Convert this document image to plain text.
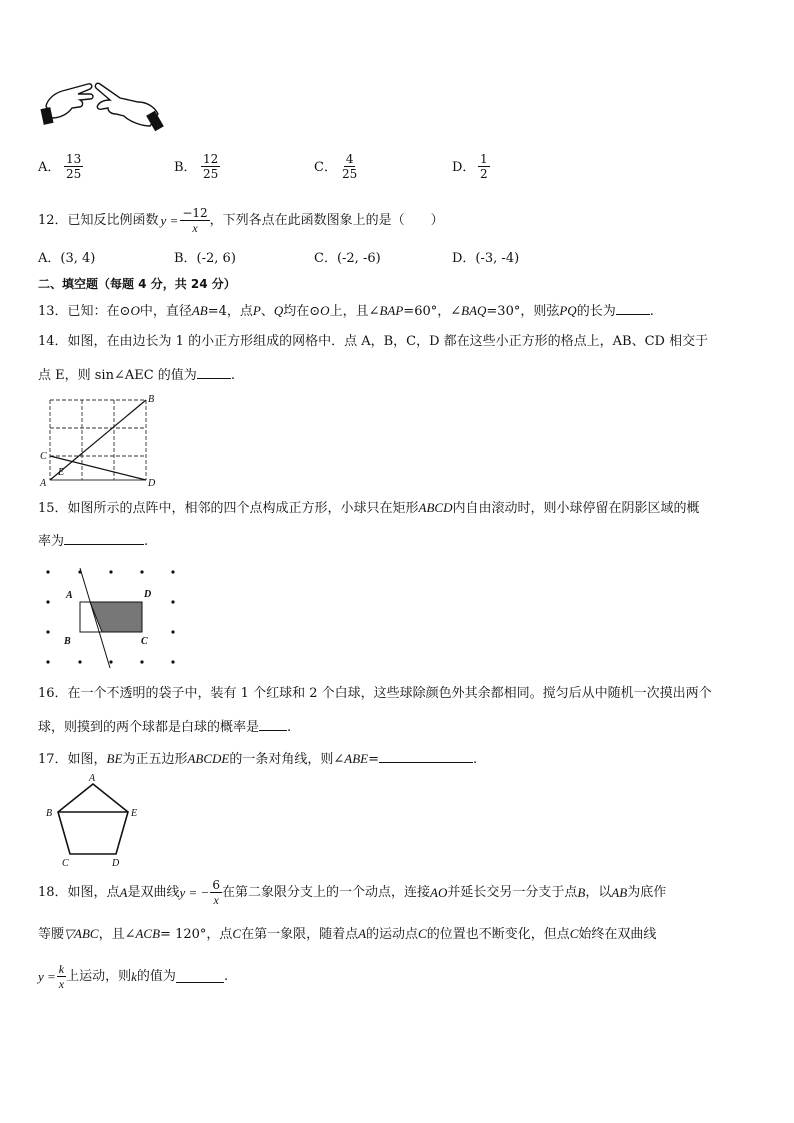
A． $\frac{13}{25}$	B． $\frac{12}{25}$	C． $\frac{4}{25}$	D． $\frac{1}{2}$
12．已知反比例函数 $y = \frac{-12}{x}$ ，下列各点在此函数图象上的是（　　）
A．(3, 4)	B．(-2, 6)	C．(-2, -6)	D．(-3, -4)
二、填空题（每题 4 分，共 24 分）
13．已知：在⊙O中，直径AB=4，点P、Q均在⊙O上，且∠BAP=60°，∠BAQ=30°，则弦PQ的长为	.
14．如图，在由边长为 1 的小正方形组成的网格中．点 A，B，C，D 都在这些小正方形的格点上，AB、CD 相交于
点 E，则 sin∠AEC 的值为	.
A
B
C
D
E
15．如图所示的点阵中，相邻的四个点构成正方形，小球只在矩形ABCD内自由滚动时，则小球停留在阴影区域的概
率为	.
A	D
B	C
16．在一个不透明的袋子中，装有 1 个红球和 2 个白球，这些球除颜色外其余都相同。搅匀后从中随机一次摸出两个
球，则摸到的两个球都是白球的概率是 .
17．如图，BE为正五边形ABCDE的一条对角线，则∠ABE=	.
A
B	E
C	D
18．如图，点 A 是双曲线 y = − $\frac{6}{x}$ 在第二象限分支上的一个动点，连接 AO 并延长交另一分支于点 B ，以 AB 为底作
等腰▽ABC，且∠ACB= 120°，点C在第一象限，随着点A的运动点C的位置也不断变化，但点C始终在双曲线
$y = \frac{k}{x}$ 上运动，则 k 的值为	.
